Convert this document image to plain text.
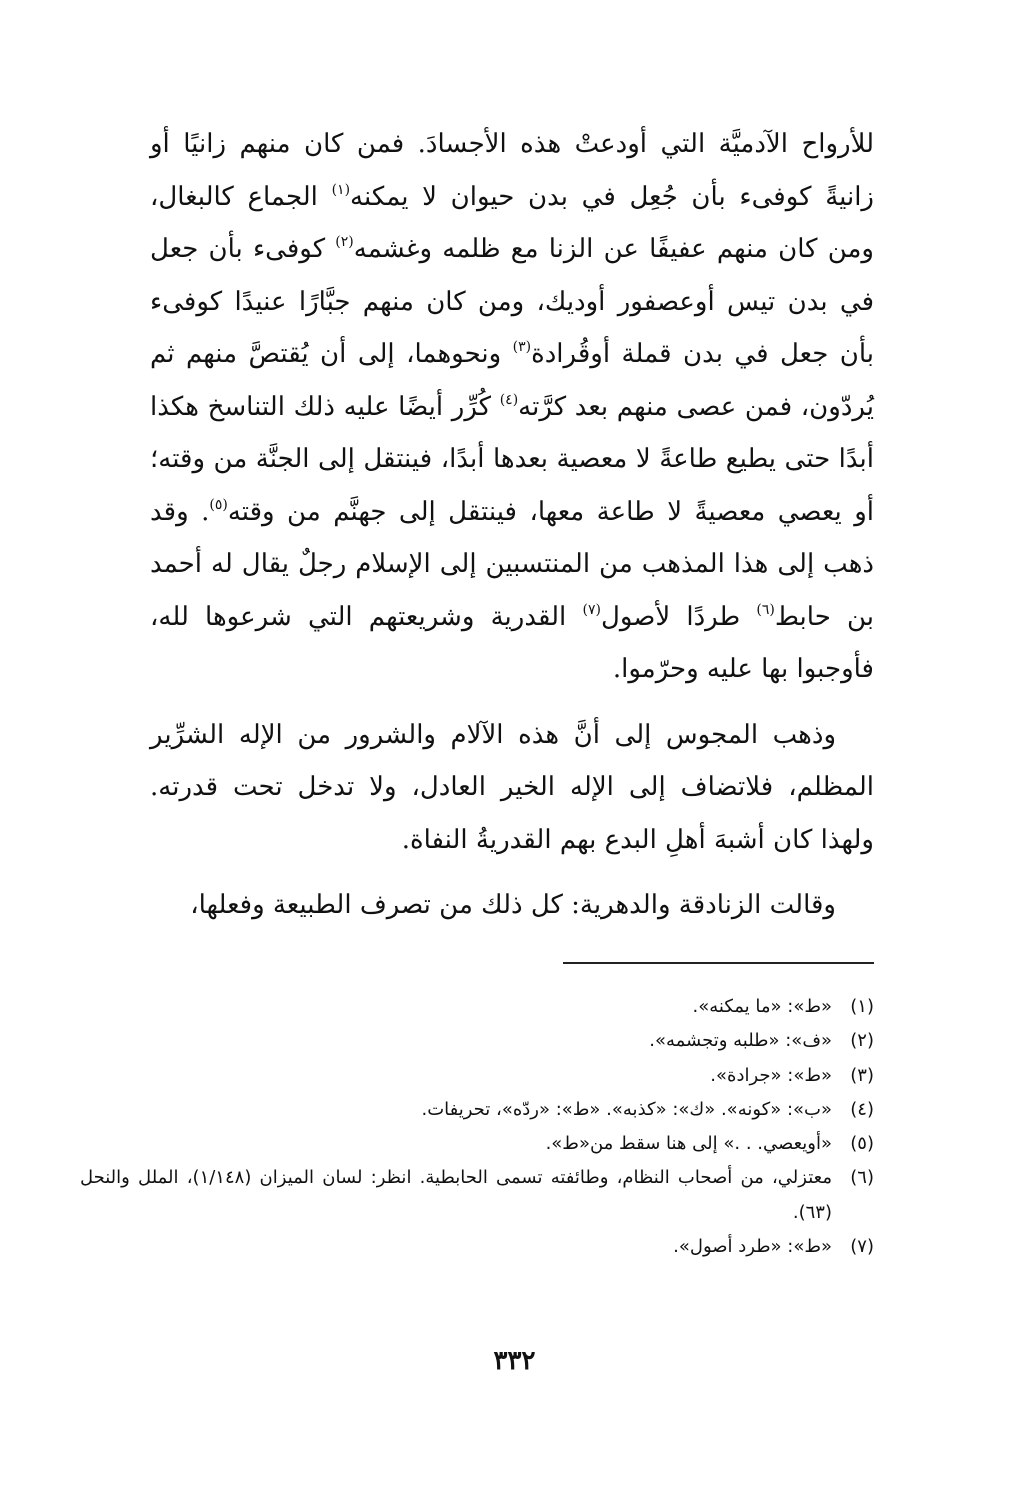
للأرواح الآدميَّة التي أودعتْ هذه الأجسادَ. فمن كان منهم زانيًا أو زانيةً كوفىء بأن جُعِل في بدن حيوان لا يمكنه$^{(١)}$ الجماع كالبغال، ومن كان منهم عفيفًا عن الزنا مع ظلمه وغشمه$^{(٢)}$ كوفىء بأن جعل في بدن تيس أوعصفور أوديك، ومن كان منهم جبَّارًا عنيدًا كوفىء بأن جعل في بدن قملة أوقُرادة$^{(٣)}$ ونحوهما، إلى أن يُقتصَّ منهم ثم يُردّون، فمن عصى منهم بعد كرَّته$^{(٤)}$ كُرِّر أيضًا عليه ذلك التناسخ هكذا أبدًا حتى يطيع طاعةً لا معصية بعدها أبدًا، فينتقل إلى الجنَّة من وقته؛ أو يعصي معصيةً لا طاعة معها، فينتقل إلى جهنَّم من وقته$^{(٥)}$. وقد ذهب إلى هذا المذهب من المنتسبين إلى الإسلام رجلٌ يقال له أحمد بن حابط$^{(٦)}$ طردًا لأصول$^{(٧)}$ القدرية وشريعتهم التي شرعوها لله، فأوجبوا بها عليه وحرّموا.

وذهب المجوس إلى أنَّ هذه الآلام والشرور من الإله الشرِّير المظلم، فلاتضاف إلى الإله الخير العادل، ولا تدخل تحت قدرته. ولهذا كان أشبهَ أهلِ البدع بهم القدريةُ النفاة.

وقالت الزنادقة والدهرية: كل ذلك من تصرف الطبيعة وفعلها،

(١)
«ط»: «ما يمكنه».
(٢)
«ف»: «طلبه وتجشمه».
(٣)
«ط»: «جرادة».
(٤)
«ب»: «كونه». «ك»: «كذبه». «ط»: «ردّه»، تحريفات.
(٥)
«أويعصي. . .» إلى هنا سقط من«ط».
(٦)
معتزلي، من أصحاب النظام، وطائفته تسمى الحابطية. انظر: لسان الميزان (١/١٤٨)، الملل والنحل (٦٣).
(٧)
«ط»: «طرد أصول».
٣٣٢
